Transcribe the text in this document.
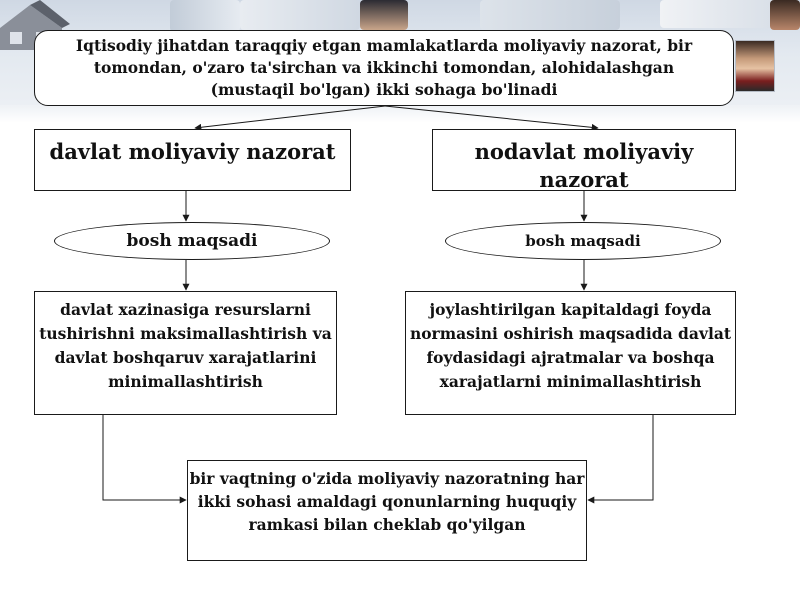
Iqtisodiy jihatdan taraqqiy etgan mamlakatlarda moliyaviy nazorat, bir tomondan, o'zaro ta'sirchan va ikkinchi tomondan, alohidalashgan (mustaqil bo'lgan) ikki sohaga bo'linadi
davlat moliyaviy nazorat	nodavlat moliyaviy nazorat
bosh maqsadi	bosh maqsadi
davlat xazinasiga resurslarni tushirishni maksimallashtirish va davlat boshqaruv xarajatlarini minimallashtirish
joylashtirilgan kapitaldagi foyda normasini oshirish maqsadida davlat foydasidagi ajratmalar va boshqa xarajatlarni minimallashtirish
bir vaqtning o'zida moliyaviy nazoratning har ikki sohasi amaldagi qonunlarning huquqiy ramkasi bilan cheklab qo'yilgan
